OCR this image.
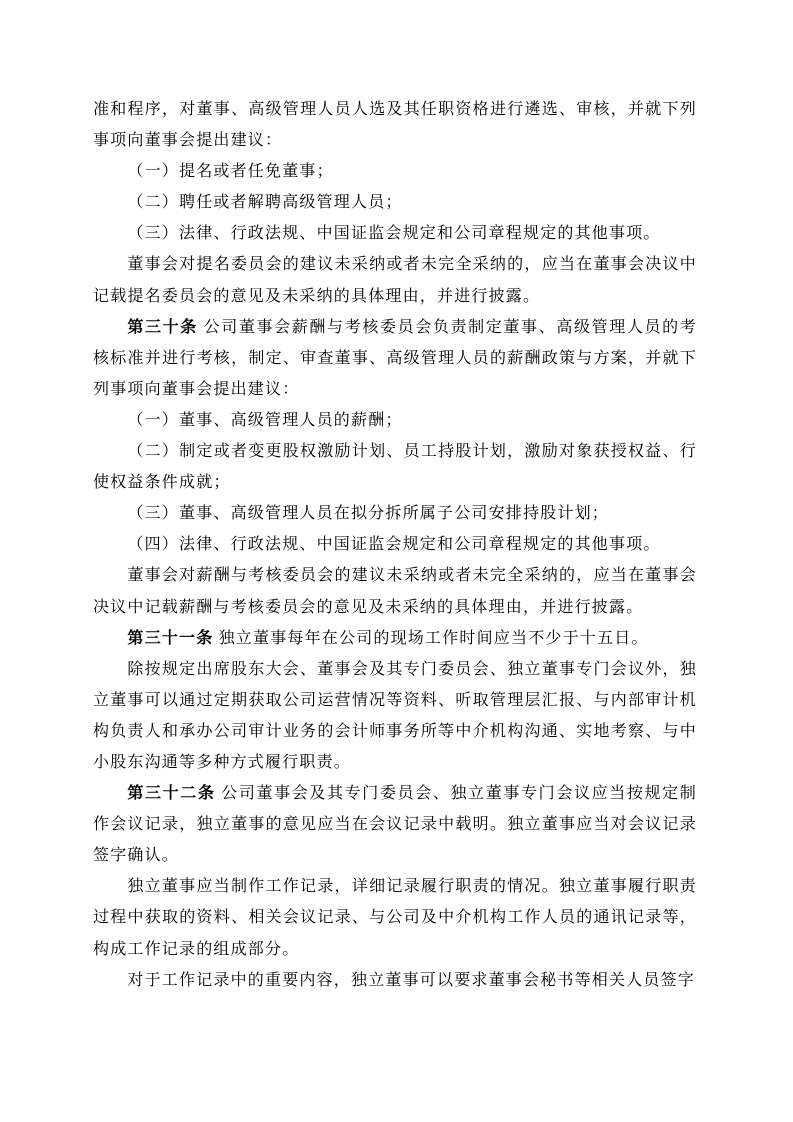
准和程序，对董事、高级管理人员人选及其任职资格进行遴选、审核，并就下列事项向董事会提出建议：

（一）提名或者任免董事；

（二）聘任或者解聘高级管理人员；

（三）法律、行政法规、中国证监会规定和公司章程规定的其他事项。

董事会对提名委员会的建议未采纳或者未完全采纳的，应当在董事会决议中记载提名委员会的意见及未采纳的具体理由，并进行披露。

第三十条 公司董事会薪酬与考核委员会负责制定董事、高级管理人员的考核标准并进行考核，制定、审查董事、高级管理人员的薪酬政策与方案，并就下列事项向董事会提出建议：

（一）董事、高级管理人员的薪酬；

（二）制定或者变更股权激励计划、员工持股计划，激励对象获授权益、行使权益条件成就；

（三）董事、高级管理人员在拟分拆所属子公司安排持股计划；

（四）法律、行政法规、中国证监会规定和公司章程规定的其他事项。

董事会对薪酬与考核委员会的建议未采纳或者未完全采纳的，应当在董事会决议中记载薪酬与考核委员会的意见及未采纳的具体理由，并进行披露。

第三十一条 独立董事每年在公司的现场工作时间应当不少于十五日。

除按规定出席股东大会、董事会及其专门委员会、独立董事专门会议外，独立董事可以通过定期获取公司运营情况等资料、听取管理层汇报、与内部审计机构负责人和承办公司审计业务的会计师事务所等中介机构沟通、实地考察、与中小股东沟通等多种方式履行职责。

第三十二条 公司董事会及其专门委员会、独立董事专门会议应当按规定制作会议记录，独立董事的意见应当在会议记录中载明。独立董事应当对会议记录签字确认。

独立董事应当制作工作记录，详细记录履行职责的情况。独立董事履行职责过程中获取的资料、相关会议记录、与公司及中介机构工作人员的通讯记录等，构成工作记录的组成部分。

对于工作记录中的重要内容，独立董事可以要求董事会秘书等相关人员签字
